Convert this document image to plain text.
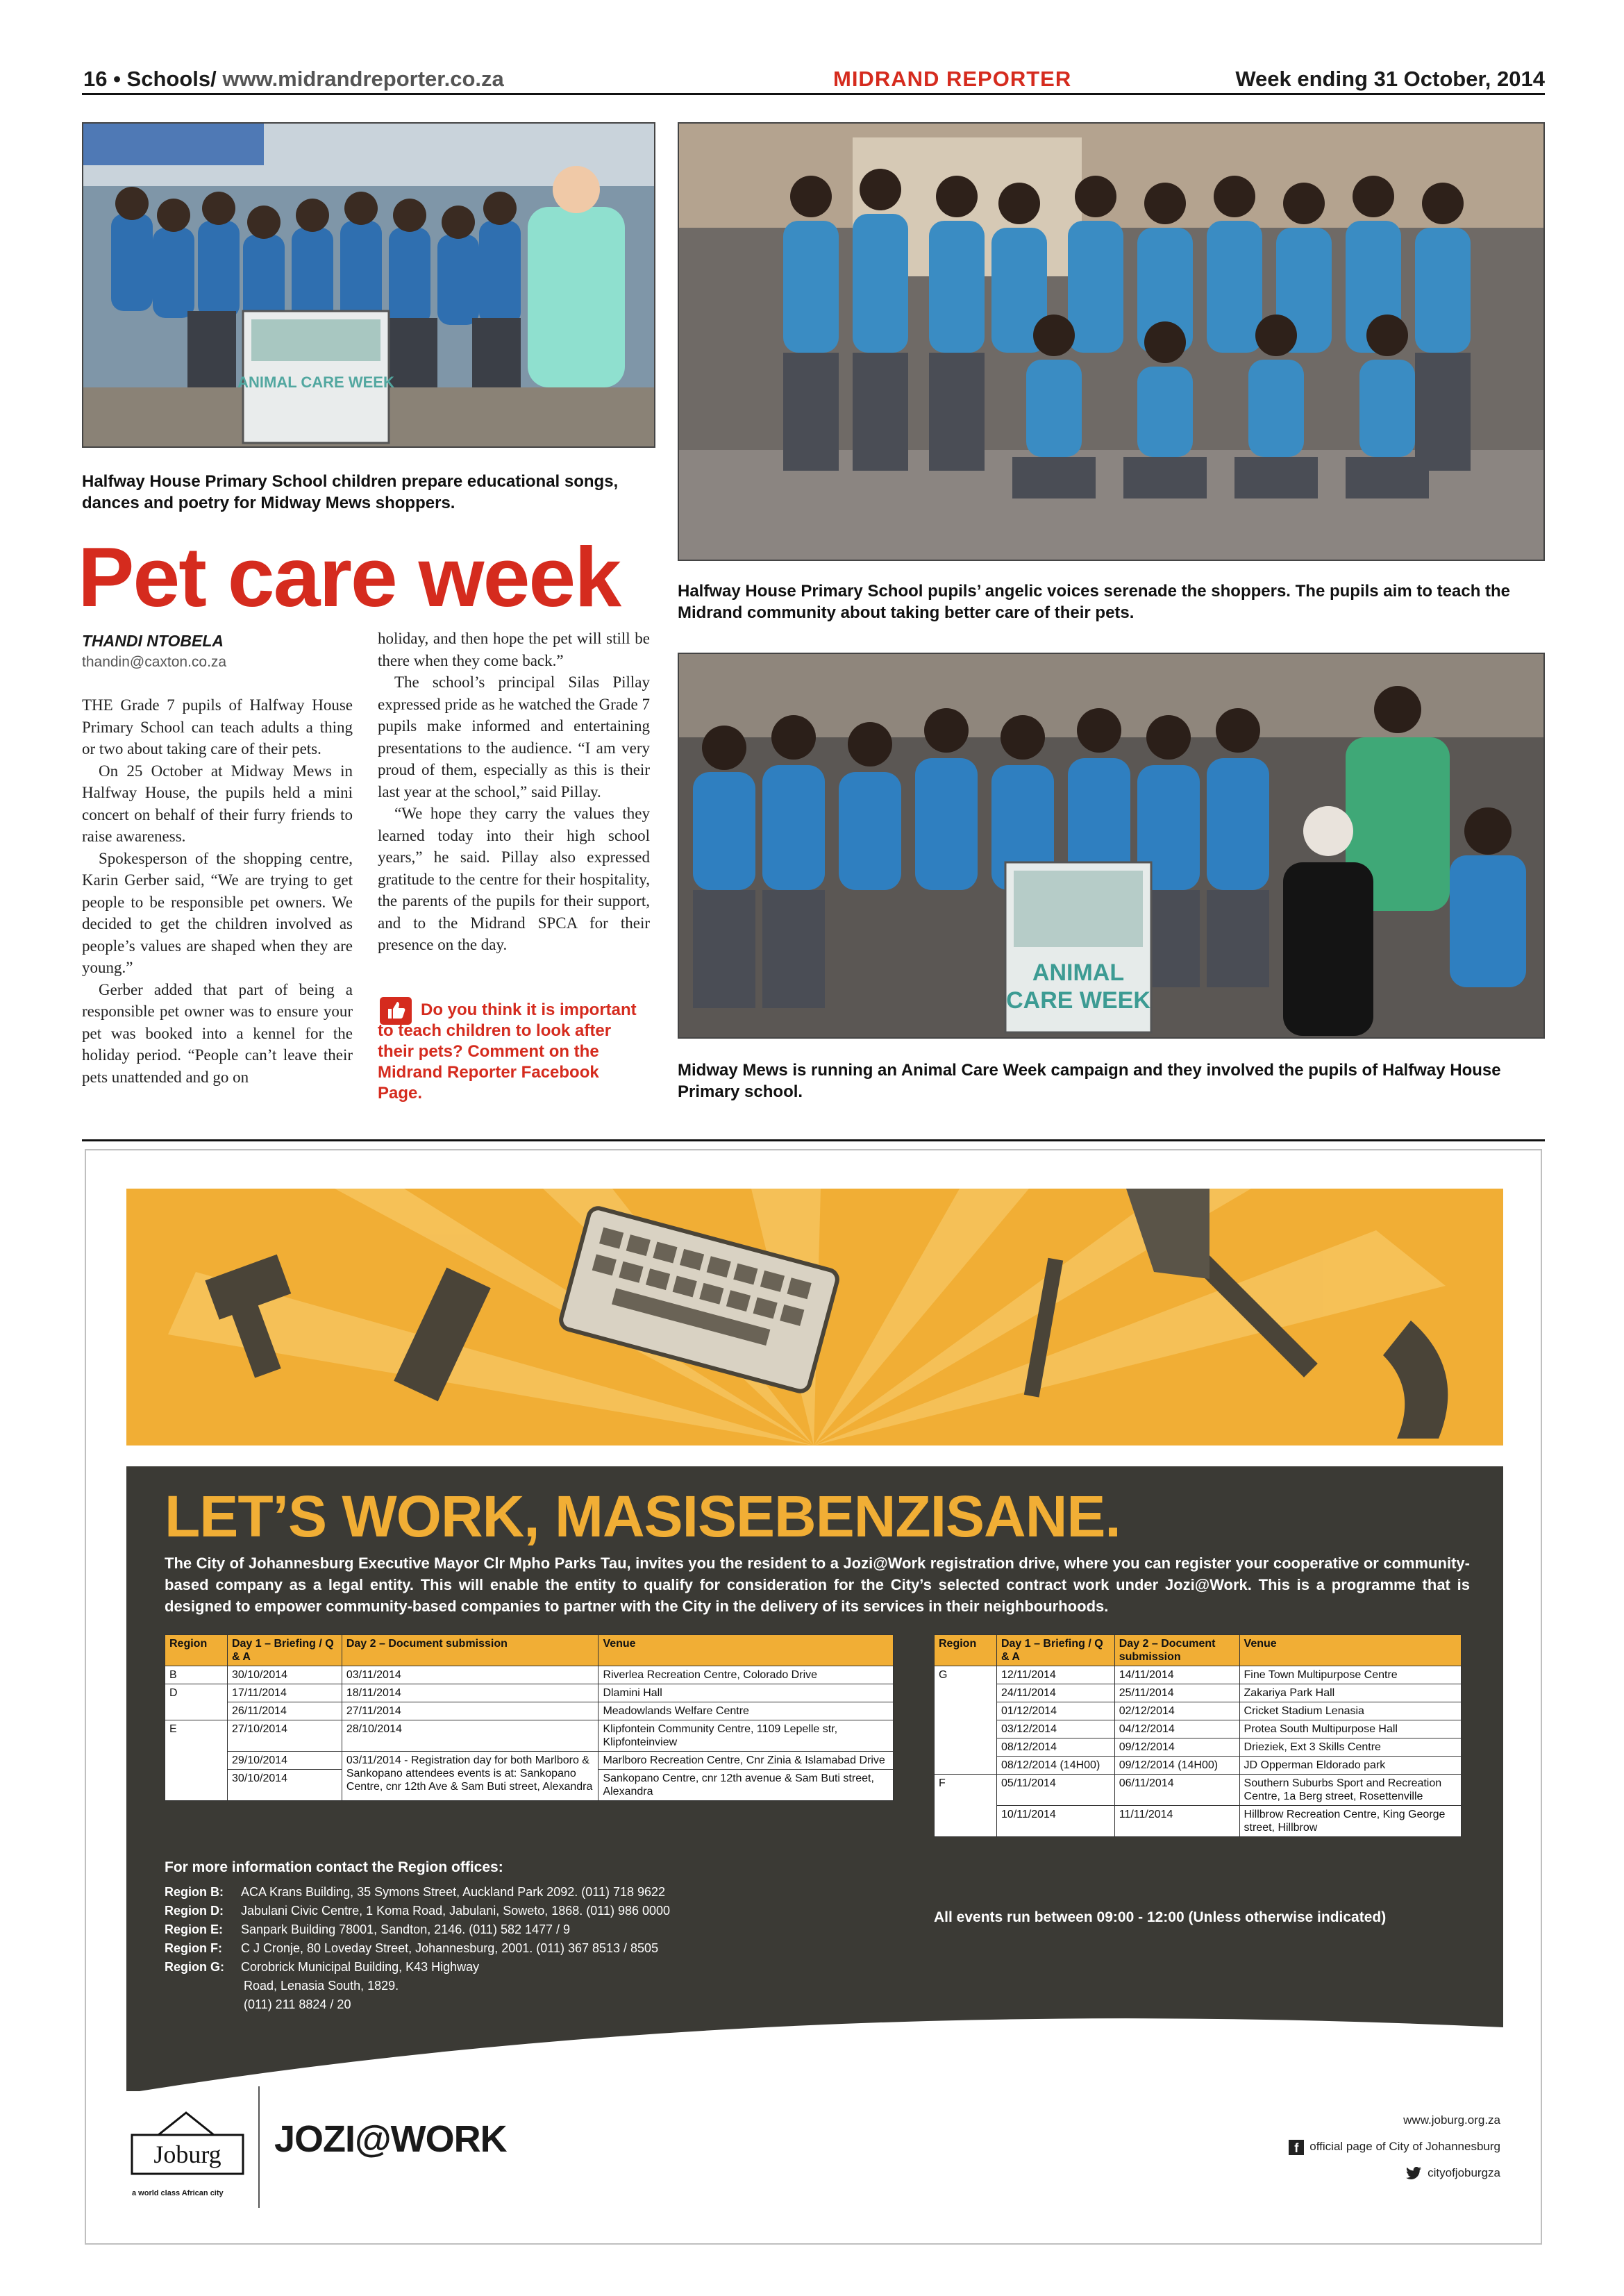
16 • Schools/ www.midrandreporter.co.za	MIDRAND REPORTER	Week ending 31 October, 2014
ANIMAL CARE WEEK
Halfway House Primary School children prepare educational songs, dances and poetry for Midway Mews shoppers.
Halfway House Primary School pupils’ angelic voices serenade the shoppers. The pupils aim to teach the Midrand community about taking better care of their pets.
ANIMAL
CARE WEEK
Midway Mews is running an Animal Care Week campaign and they involved the pupils of Halfway House Primary school.
Pet care week
THANDI NTOBELA
thandin@caxton.co.za

THE Grade 7 pupils of Halfway House Primary School can teach adults a thing or two about taking care of their pets.

On 25 October at Midway Mews in Halfway House, the pupils held a mini concert on behalf of their furry friends to raise awareness.

Spokesperson of the shopping centre, Karin Gerber said, “We are trying to get people to be responsible pet owners. We decided to get the children involved as people’s values are shaped when they are young.”

Gerber added that part of being a responsible pet owner was to ensure your pet was booked into a kennel for the holiday period. “People can’t leave their pets unattended and go on

holiday, and then hope the pet will still be there when they come back.”

The school’s principal Silas Pillay expressed pride as he watched the Grade 7 pupils make informed and entertaining presentations to the audience. “I am very proud of them, especially as this is their last year at the school,” said Pillay.

“We hope they carry the values they learned today into their high school years,” he said. Pillay also expressed gratitude to the centre for their hospitality, the parents of the pupils for their support, and to the Midrand SPCA for their presence on the day.

Do you think it is important to teach children to look after their pets? Comment on the Midrand Reporter Facebook Page.
LET’S WORK, MASISEBENZISANE.
The City of Johannesburg Executive Mayor Clr Mpho Parks Tau, invites you the resident to a Jozi@Work registration drive, where you can register your cooperative or community-based company as a legal entity. This will enable the entity to qualify for consideration for the City’s selected contract work under Jozi@Work. This is a programme that is designed to empower community-based companies to partner with the City in the delivery of its services in their neighbourhoods.
Region	Day 1 – Briefing / Q & A	Day 2 – Document submission	Venue
B	30/10/2014	03/11/2014	Riverlea Recreation Centre, Colorado Drive
D	17/11/2014	18/11/2014	Dlamini Hall
	26/11/2014	27/11/2014	Meadowlands Welfare Centre
E	27/10/2014	28/10/2014	Klipfontein Community Centre, 1109 Lepelle str, Klipfonteinview
	29/10/2014	03/11/2014 - Registration day for both Marlboro & Sankopano attendees events is at: Sankopano Centre, cnr 12th Ave & Sam Buti street, Alexandra	Marlboro Recreation Centre, Cnr Zinia & Islamabad Drive
	30/10/2014		Sankopano Centre, cnr 12th avenue & Sam Buti street, Alexandra
Region	Day 1 – Briefing / Q & A	Day 2 – Document submission	Venue
G	12/11/2014	14/11/2014	Fine Town Multipurpose Centre
	24/11/2014	25/11/2014	Zakariya Park Hall
	01/12/2014	02/12/2014	Cricket Stadium Lenasia
	03/12/2014	04/12/2014	Protea South Multipurpose Hall
	08/12/2014	09/12/2014	Drieziek, Ext 3 Skills Centre
	08/12/2014 (14H00)	09/12/2014 (14H00)	JD Opperman Eldorado park
F	05/11/2014	06/11/2014	Southern Suburbs Sport and Recreation Centre, 1a Berg street, Rosettenville
	10/11/2014	11/11/2014	Hillbrow Recreation Centre, King George street, Hillbrow
For more information contact the Region offices:
Region B: ACA Krans Building, 35 Symons Street, Auckland Park 2092. (011) 718 9622
Region D: Jabulani Civic Centre, 1 Koma Road, Jabulani, Soweto, 1868. (011) 986 0000
Region E: Sanpark Building 78001, Sandton, 2146. (011) 582 1477 / 9
Region F: C J Cronje, 80 Loveday Street, Johannesburg, 2001. (011) 367 8513 / 8505
Region G: Corobrick Municipal Building, K43 Highway
Road, Lenasia South, 1829.
(011) 211 8824 / 20
All events run between 09:00 - 12:00 (Unless otherwise indicated)
Joburg
a world class African city
JOZI@WORK	www.joburg.org.za
f official page of City of Johannesburg
cityofjoburgza
